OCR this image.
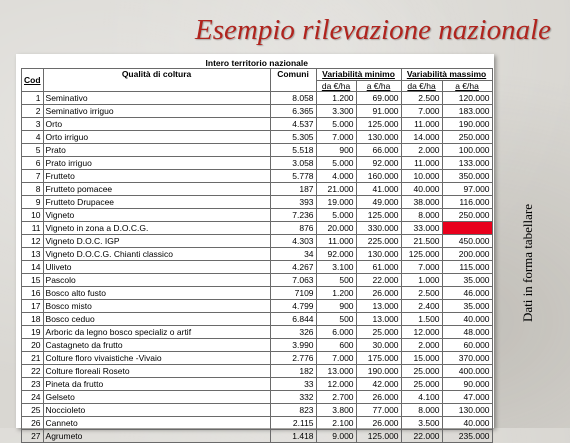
Esempio rilevazione nazionale
Dati in forma tabellare
Intero territorio nazionale						
Cod	Qualità di coltura	Comuni	Variabilità minimo		Variabilità massimo	
			da €/ha	a €/ha	da €/ha	a €/ha
1	Seminativo	8.058	1.200	69.000	2.500	120.000
2	Seminativo irriguo	6.365	3.300	91.000	7.000	183.000
3	Orto	4.537	5.000	125.000	11.000	190.000
4	Orto irriguo	5.305	7.000	130.000	14.000	250.000
5	Prato	5.518	900	66.000	2.000	100.000
6	Prato irriguo	3.058	5.000	92.000	11.000	133.000
7	Frutteto	5.778	4.000	160.000	10.000	350.000
8	Frutteto pomacee	187	21.000	41.000	40.000	97.000
9	Frutteto Drupacee	393	19.000	49.000	38.000	116.000
10	Vigneto	7.236	5.000	125.000	8.000	250.000
11	Vigneto in zona a D.O.C.G.	876	20.000	330.000	33.000	
12	Vigneto D.O.C. IGP	4.303	11.000	225.000	21.500	450.000
13	Vigneto D.O.C.G. Chianti classico	34	92.000	130.000	125.000	200.000
14	Uliveto	4.267	3.100	61.000	7.000	115.000
15	Pascolo	7.063	500	22.000	1.000	35.000
16	Bosco alto fusto	7109	1.200	26.000	2.500	46.000
17	Bosco misto	4.799	900	13.000	2.400	35.000
18	Bosco ceduo	6.844	500	13.000	1.500	40.000
19	Arboric da legno bosco specializ o artif	326	6.000	25.000	12.000	48.000
20	Castagneto da frutto	3.990	600	30.000	2.000	60.000
21	Colture floro vivaistiche -Vivaio	2.776	7.000	175.000	15.000	370.000
22	Colture floreali Roseto	182	13.000	190.000	25.000	400.000
23	Pineta da frutto	33	12.000	42.000	25.000	90.000
24	Gelseto	332	2.700	26.000	4.100	47.000
25	Noccioleto	823	3.800	77.000	8.000	130.000
26	Canneto	2.115	2.100	26.000	3.500	40.000
27	Agrumeto	1.418	9.000	125.000	22.000	235.000
